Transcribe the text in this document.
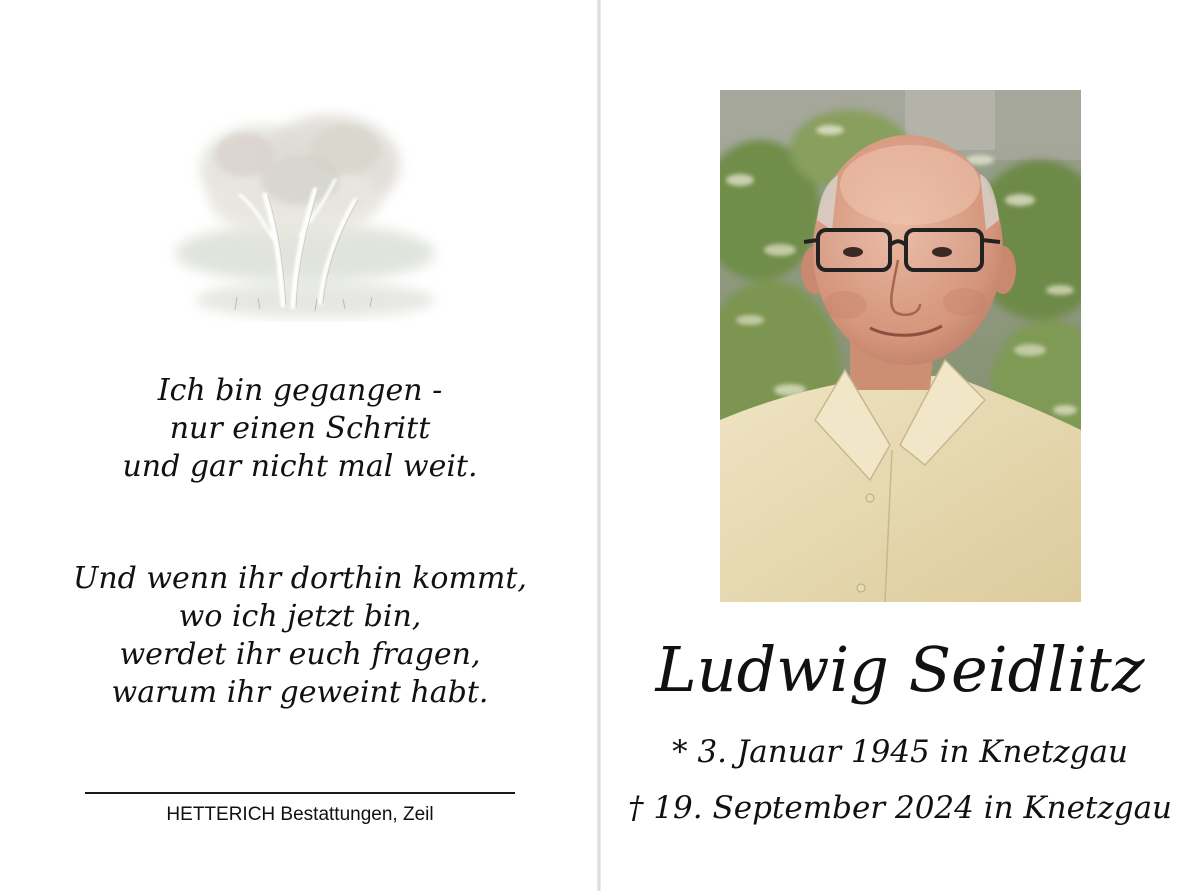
Ich bin gegangen -
nur einen Schritt
und gar nicht mal weit.

Und wenn ihr dorthin kommt,
wo ich jetzt bin,
werdet ihr euch fragen,
warum ihr geweint habt.

HETTERICH Bestattungen, Zeil
Ludwig Seidlitz
* 3. Januar 1945 in Knetzgau
† 19. September 2024 in Knetzgau
